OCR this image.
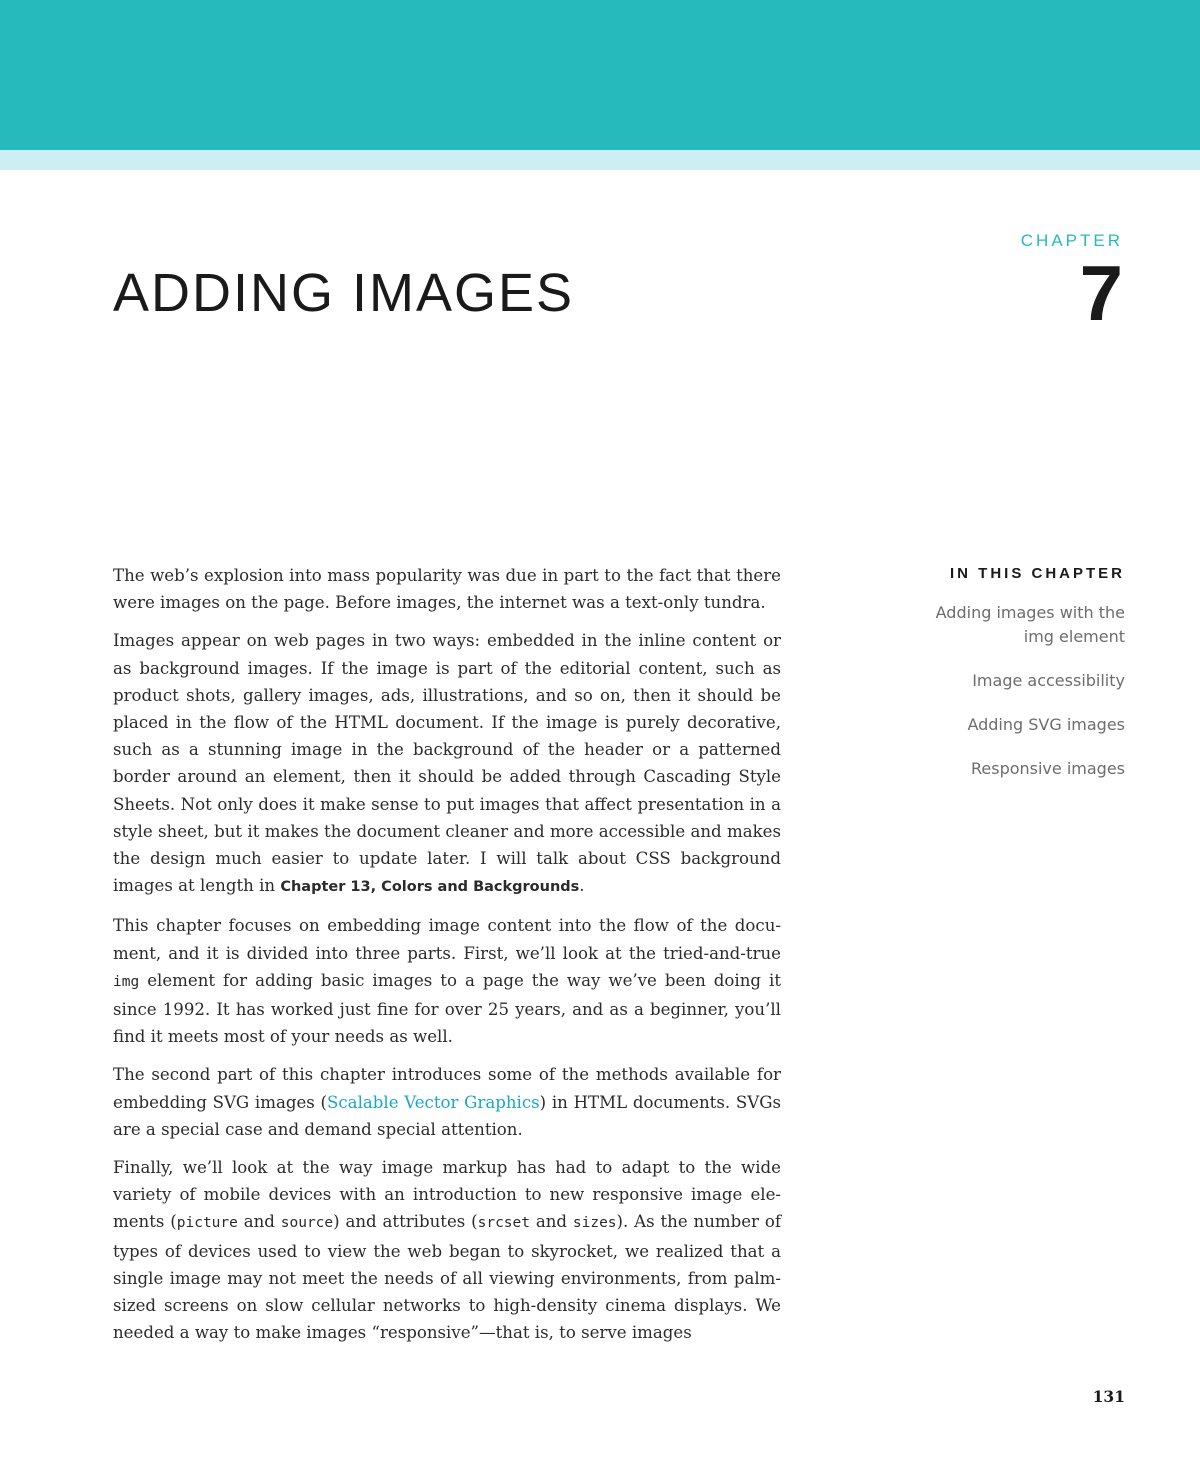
ADDING IMAGES
CHAPTER
7

The web’s explosion into mass popularity was due in part to the fact that there were images on the page. Before images, the internet was a text-only tundra.

Images appear on web pages in two ways: embedded in the inline content or as background images. If the image is part of the editorial content, such as product shots, gallery images, ads, illustrations, and so on, then it should be placed in the flow of the HTML document. If the image is purely decorative, such as a stunning image in the background of the header or a patterned border around an element, then it should be added through Cascading Style Sheets. Not only does it make sense to put images that affect presentation in a style sheet, but it makes the document cleaner and more accessible and makes the design much easier to update later. I will talk about CSS background images at length in Chapter 13, Colors and Backgrounds.

This chapter focuses on embedding image content into the flow of the document, and it is divided into three parts. First, we’ll look at the tried-and-true img element for adding basic images to a page the way we’ve been doing it since 1992. It has worked just fine for over 25 years, and as a beginner, you’ll find it meets most of your needs as well.

The second part of this chapter introduces some of the methods available for embedding SVG images (Scalable Vector Graphics) in HTML documents. SVGs are a special case and demand special attention.

Finally, we’ll look at the way image markup has had to adapt to the wide variety of mobile devices with an introduction to new responsive image elements (picture and source) and attributes (srcset and sizes). As the number of types of devices used to view the web began to skyrocket, we realized that a single image may not meet the needs of all viewing environments, from palm-sized screens on slow cellular networks to high-density cinema displays. We needed a way to make images “responsive”—that is, to serve images

IN THIS CHAPTER
Adding images with the img element
Image accessibility
Adding SVG images
Responsive images
131
